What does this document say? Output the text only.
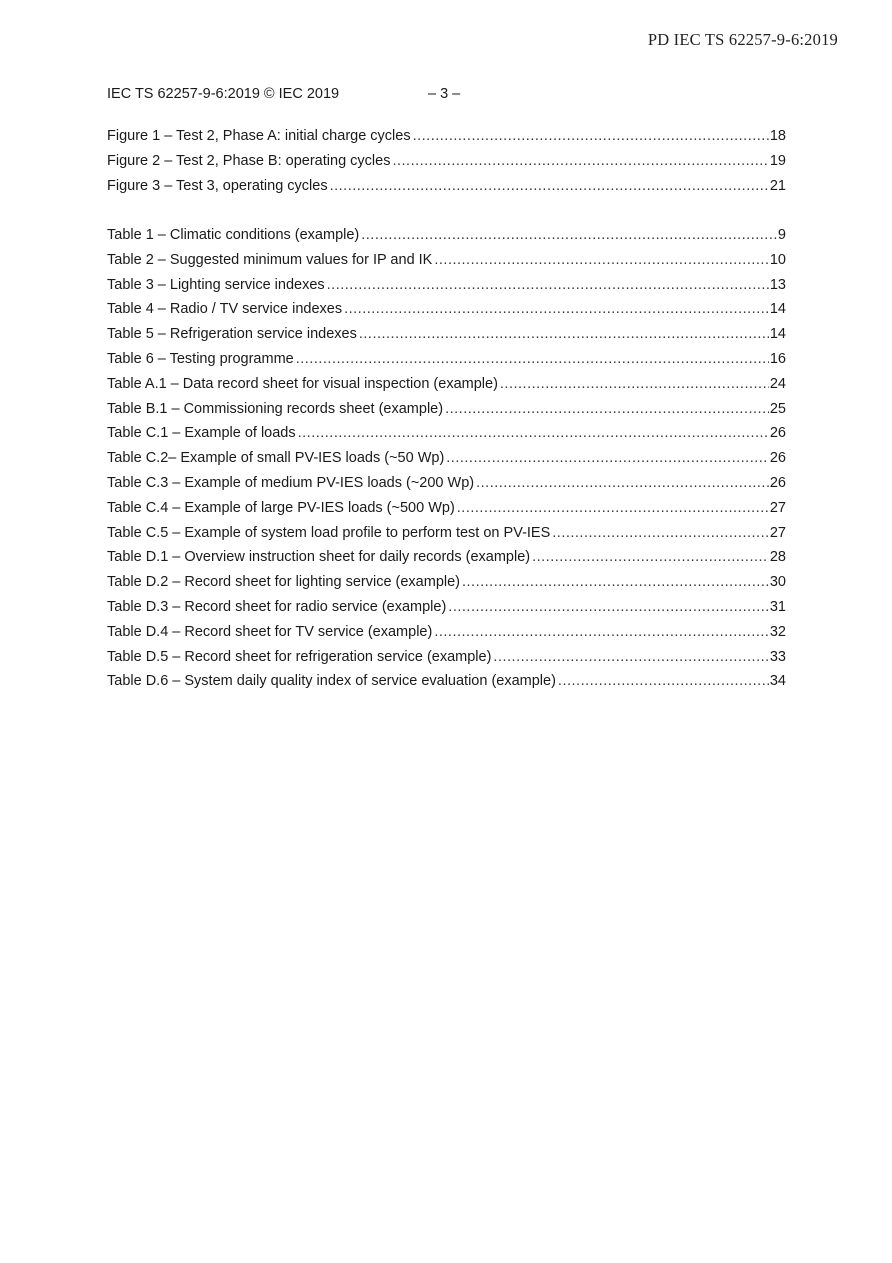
PD IEC TS 62257-9-6:2019
IEC TS 62257-9-6:2019 © IEC 2019	– 3 –
Figure 1 – Test 2, Phase A: initial charge cycles .....	18
Figure 2 – Test 2, Phase B: operating cycles .....	19
Figure 3 – Test 3, operating cycles .....	21
Table 1 – Climatic conditions (example) .....	9
Table 2 – Suggested minimum values for IP and IK .....	10
Table 3 – Lighting service indexes .....	13
Table 4 – Radio / TV service indexes .....	14
Table 5 – Refrigeration service indexes .....	14
Table 6 – Testing programme .....	16
Table A.1 – Data record sheet for visual inspection (example) .....	24
Table B.1 – Commissioning records sheet (example) .....	25
Table C.1 – Example of loads .....	26
Table C.2– Example of small PV-IES loads (~50 Wp) .....	26
Table C.3 – Example of medium PV-IES loads (~200 Wp) .....	26
Table C.4 – Example of large PV-IES loads (~500 Wp) .....	27
Table C.5 – Example of system load profile to perform test on PV-IES .....	27
Table D.1 – Overview instruction sheet for daily records (example) .....	28
Table D.2 – Record sheet for lighting service (example) .....	30
Table D.3 – Record sheet for radio service (example) .....	31
Table D.4 – Record sheet for TV service (example) .....	32
Table D.5 – Record sheet for refrigeration service (example) .....	33
Table D.6 – System daily quality index of service evaluation (example) .....	34
